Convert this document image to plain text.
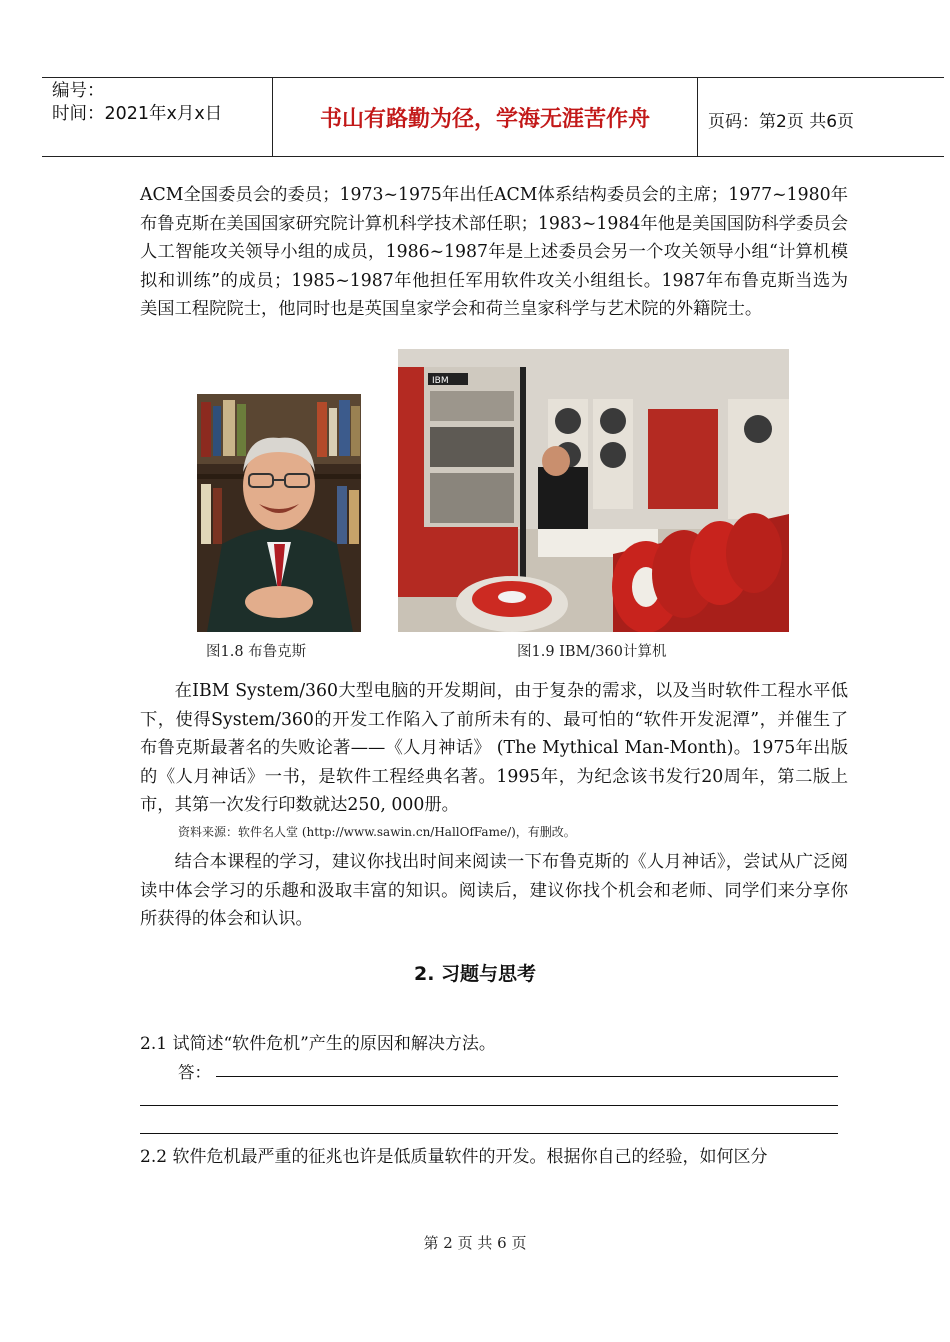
编号：
时间：2021年x月x日	书山有路勤为径，学海无涯苦作舟	页码：第2页 共6页

ACM全国委员会的委员；1973~1975年出任ACM体系结构委员会的主席；1977~1980年布鲁克斯在美国国家研究院计算机科学技术部任职；1983~1984年他是美国国防科学委员会人工智能攻关领导小组的成员，1986~1987年是上述委员会另一个攻关领导小组“计算机模拟和训练”的成员；1985~1987年他担任军用软件攻关小组组长。1987年布鲁克斯当选为美国工程院院士，他同时也是英国皇家学会和荷兰皇家科学与艺术院的外籍院士。

图1.8 布鲁克斯
IBM
图1.9 IBM/360计算机

在IBM System/360大型电脑的开发期间，由于复杂的需求，以及当时软件工程水平低下，使得System/360的开发工作陷入了前所未有的、最可怕的“软件开发泥潭”，并催生了布鲁克斯最著名的失败论著——《人月神话》 (The Mythical Man-Month)。1975年出版的《人月神话》一书，是软件工程经典名著。1995年，为纪念该书发行20周年，第二版上市，其第一次发行印数就达250, 000册。

资料来源：软件名人堂 (http://www.sawin.cn/HallOfFame/)，有删改。

结合本课程的学习，建议你找出时间来阅读一下布鲁克斯的《人月神话》，尝试从广泛阅读中体会学习的乐趣和汲取丰富的知识。阅读后，建议你找个机会和老师、同学们来分享你所获得的体会和认识。

2. 习题与思考
2.1 试简述“软件危机”产生的原因和解决方法。
答：
2.2 软件危机最严重的征兆也许是低质量软件的开发。根据你自己的经验，如何区分
第 2 页 共 6 页
